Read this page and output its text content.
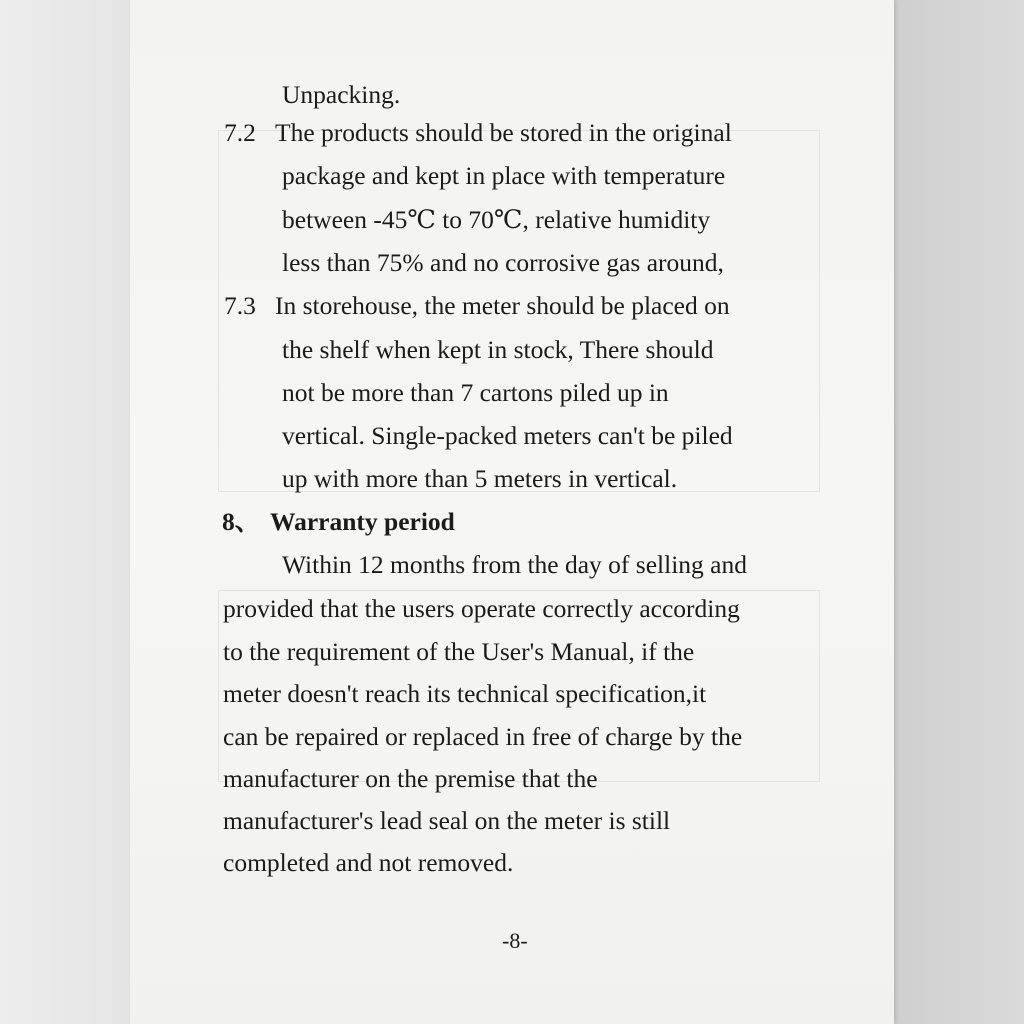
Unpacking.
7.2 The products should be stored in the original
package and kept in place with temperature
between -45℃ to 70℃, relative humidity
less than 75% and no corrosive gas around,
7.3 In storehouse, the meter should be placed on
the shelf when kept in stock, There should
not be more than 7 cartons piled up in
vertical. Single-packed meters can't be piled
up with more than 5 meters in vertical.
8、 Warranty period
Within 12 months from the day of selling and
provided that the users operate correctly according
to the requirement of the User's Manual, if the
meter doesn't reach its technical specification,it
can be repaired or replaced in free of charge by the
manufacturer on the premise that the
manufacturer's lead seal on the meter is still
completed and not removed.
-8-
